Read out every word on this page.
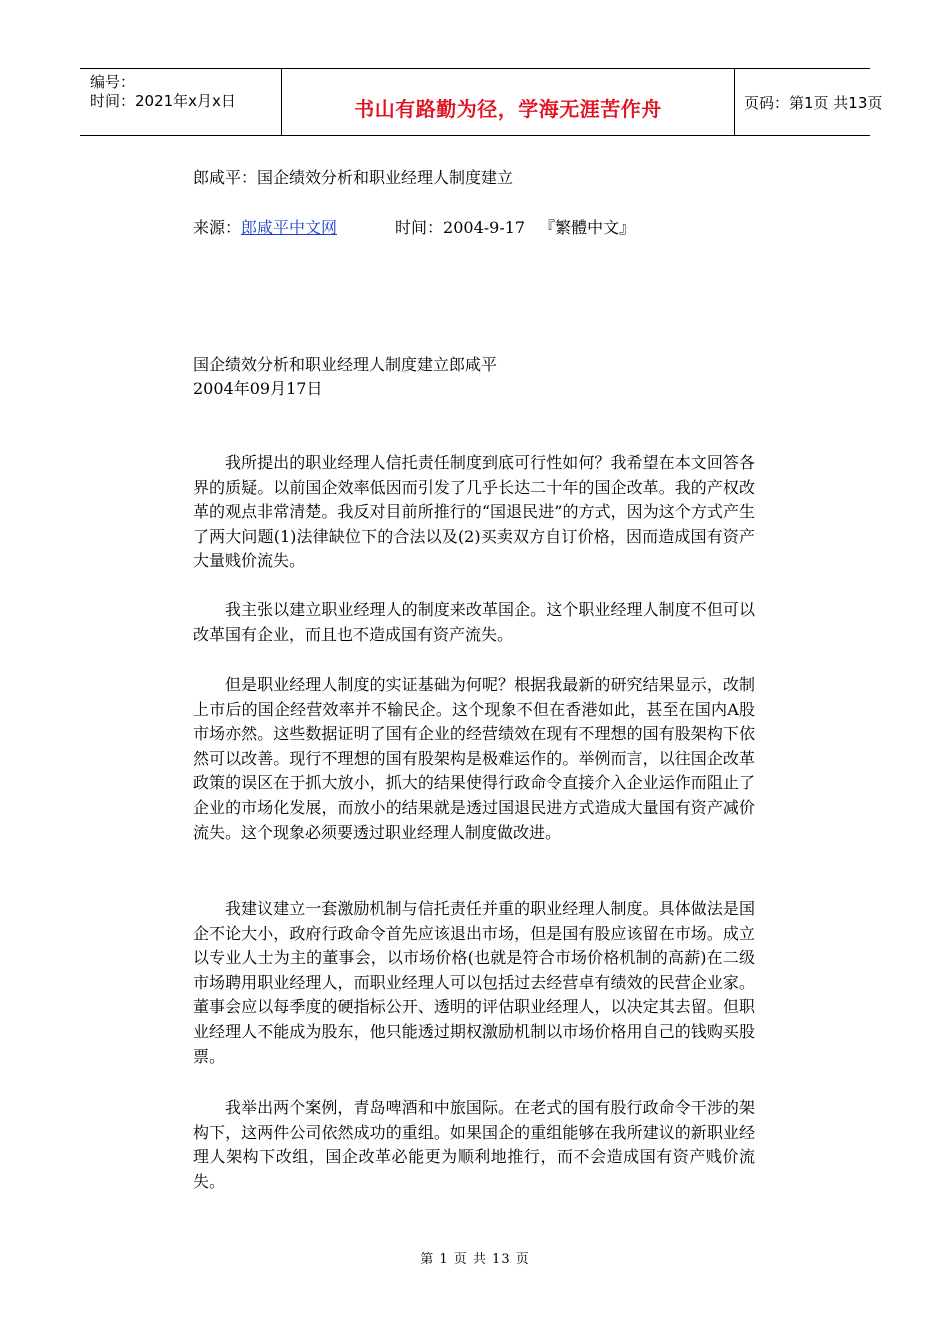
编号：
时间：2021年x月x日	书山有路勤为径，学海无涯苦作舟	页码：第1页 共13页
郎咸平：国企绩效分析和职业经理人制度建立
来源：郎咸平中文网	时间：2004-9-17 『繁體中文』
国企绩效分析和职业经理人制度建立郎咸平
2004年09月17日
我所提出的职业经理人信托责任制度到底可行性如何？我希望在本文回答各界的质疑。以前国企效率低因而引发了几乎长达二十年的国企改革。我的产权改革的观点非常清楚。我反对目前所推行的“国退民进”的方式，因为这个方式产生了两大问题(1)法律缺位下的合法以及(2)买卖双方自订价格，因而造成国有资产大量贱价流失。
我主张以建立职业经理人的制度来改革国企。这个职业经理人制度不但可以改革国有企业，而且也不造成国有资产流失。
但是职业经理人制度的实证基础为何呢？根据我最新的研究结果显示，改制上市后的国企经营效率并不输民企。这个现象不但在香港如此，甚至在国内A股市场亦然。这些数据证明了国有企业的经营绩效在现有不理想的国有股架构下依然可以改善。现行不理想的国有股架构是极难运作的。举例而言，以往国企改革政策的误区在于抓大放小，抓大的结果使得行政命令直接介入企业运作而阻止了企业的市场化发展，而放小的结果就是透过国退民进方式造成大量国有资产减价流失。这个现象必须要透过职业经理人制度做改进。
我建议建立一套激励机制与信托责任并重的职业经理人制度。具体做法是国企不论大小，政府行政命令首先应该退出市场，但是国有股应该留在市场。成立以专业人士为主的董事会，以市场价格(也就是符合市场价格机制的高薪)在二级市场聘用职业经理人，而职业经理人可以包括过去经营卓有绩效的民营企业家。董事会应以每季度的硬指标公开、透明的评估职业经理人，以决定其去留。但职业经理人不能成为股东，他只能透过期权激励机制以市场价格用自己的钱购买股票。
我举出两个案例，青岛啤酒和中旅国际。在老式的国有股行政命令干涉的架构下，这两件公司依然成功的重组。如果国企的重组能够在我所建议的新职业经理人架构下改组，国企改革必能更为顺利地推行，而不会造成国有资产贱价流失。
第 1 页 共 13 页
